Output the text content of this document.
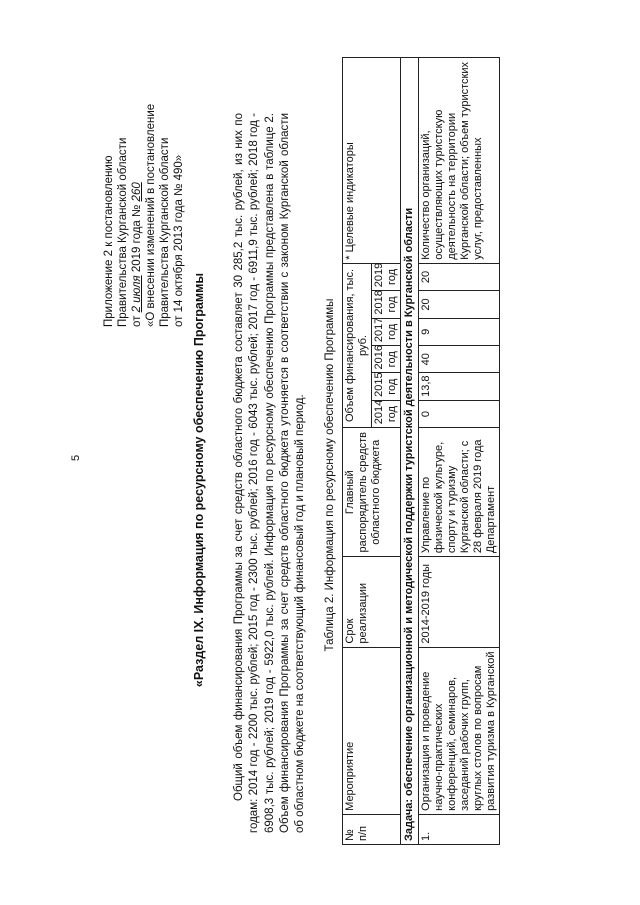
5
Приложение 2 к постановлению Правительства Курганской области от 2 июля 2019 года № 260 «О внесении изменений в постановление Правительства Курганской области от 14 октября 2013 года № 490»
«Раздел IX. Информация по ресурсному обеспечению Программы Общий объем финансирования Программы за счет средств областного бюджета составляет 30 285,2 тыс. рублей, из них по годам: 2014 год - 2200 тыс. рублей; 2015 год - 2300 тыс. рублей; 2016 год - 6043 тыс. рублей; 2017 год - 6911,9 тыс. рублей; 2018 год - 6908,3 тыс. рублей; 2019 год - 5922,0 тыс. рублей. Информация по ресурсному обеспечению Программы представлена в таблице 2. Объем финансирования Программы за счет средств областного бюджета уточняется в соответствии с законом Курганской области об областном бюджете на соответствующий финансовый год и плановый период. Таблица 2. Информация по ресурсному обеспечению Программы
№ п/п	Мероприятие	Срок реализации	Главный распорядитель средств областного бюджета	Объем финансирования, тыс. руб.						* Целевые индикаторы
				2014 год	2015 год	2016 год	2017 год	2018 год	2019 год	
Задача: обеспечение организационной и методической поддержки туристской деятельности в Курганской области										
1.	Организация и проведение научно-практических конференций, семинаров, заседаний рабочих групп, круглых столов по вопросам развития туризма в Курганской	2014-2019 годы	Управление по физической культуре, спорту и туризму Курганской области; с 28 февраля 2019 года Департамент	0	13,8	40	9	20	20	Количество организаций, осуществляющих туристскую деятельность на территории Курганской области; объем туристских услуг, предоставленных
